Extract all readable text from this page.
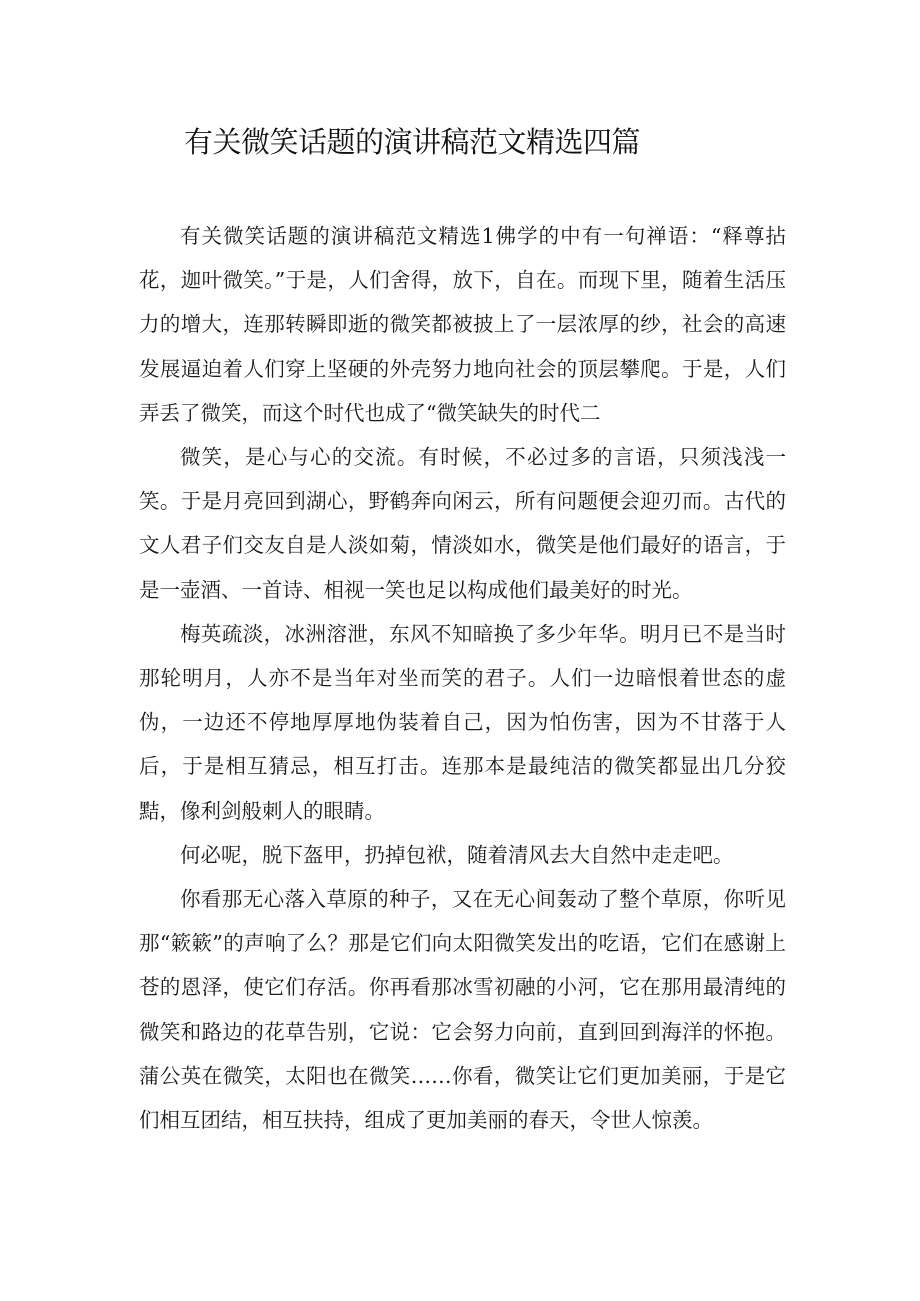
有关微笑话题的演讲稿范文精选四篇

有关微笑话题的演讲稿范文精选1佛学的中有一句禅语：“释尊拈花，迦叶微笑。”于是，人们舍得，放下，自在。而现下里，随着生活压力的增大，连那转瞬即逝的微笑都被披上了一层浓厚的纱，社会的高速发展逼迫着人们穿上坚硬的外壳努力地向社会的顶层攀爬。于是，人们弄丢了微笑，而这个时代也成了“微笑缺失的时代二

微笑，是心与心的交流。有时候，不必过多的言语，只须浅浅一笑。于是月亮回到湖心，野鹤奔向闲云，所有问题便会迎刃而。古代的文人君子们交友自是人淡如菊，情淡如水，微笑是他们最好的语言，于是一壶酒、一首诗、相视一笑也足以构成他们最美好的时光。

梅英疏淡，冰洲溶泄，东风不知暗换了多少年华。明月已不是当时那轮明月，人亦不是当年对坐而笑的君子。人们一边暗恨着世态的虚伪，一边还不停地厚厚地伪装着自己，因为怕伤害，因为不甘落于人后，于是相互猜忌，相互打击。连那本是最纯洁的微笑都显出几分狡黠，像利剑般刺人的眼睛。

何必呢，脱下盔甲，扔掉包袱，随着清风去大自然中走走吧。

你看那无心落入草原的种子，又在无心间轰动了整个草原，你听见那“簌簌”的声响了么？那是它们向太阳微笑发出的吃语，它们在感谢上苍的恩泽，使它们存活。你再看那冰雪初融的小河，它在那用最清纯的微笑和路边的花草告别，它说：它会努力向前，直到回到海洋的怀抱。蒲公英在微笑，太阳也在微笑……你看，微笑让它们更加美丽，于是它们相互团结，相互扶持，组成了更加美丽的春天，令世人惊羡。
